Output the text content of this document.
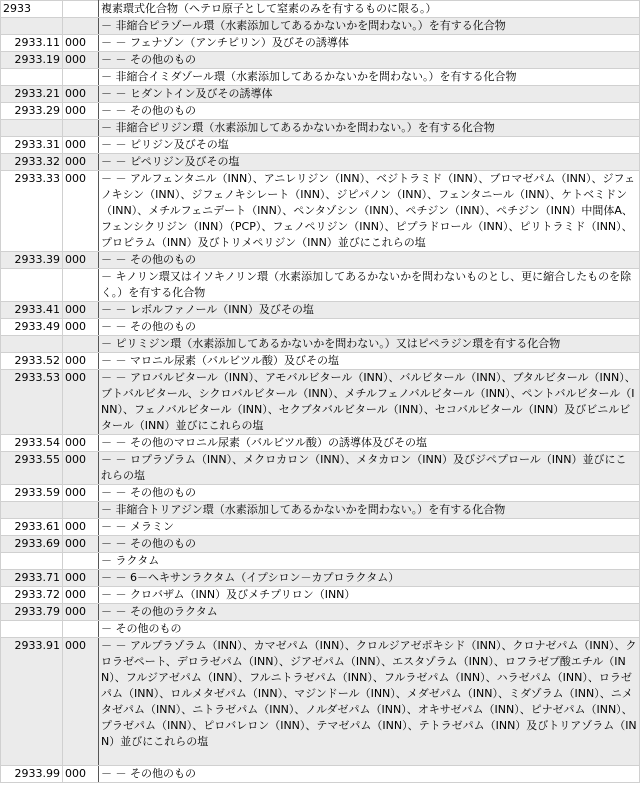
2933		複素環式化合物（ヘテロ原子として窒素のみを有するものに限る。）
		－ 非縮合ピラゾール環（水素添加してあるかないかを問わない。）を有する化合物
2933.11	000	－ － フェナゾン（アンチピリン）及びその誘導体
2933.19	000	－ － その他のもの
		－ 非縮合イミダゾール環（水素添加してあるかないかを問わない。）を有する化合物
2933.21	000	－ － ヒダントイン及びその誘導体
2933.29	000	－ － その他のもの
		－ 非縮合ピリジン環（水素添加してあるかないかを問わない。）を有する化合物
2933.31	000	－ － ピリジン及びその塩
2933.32	000	－ － ピペリジン及びその塩
2933.33	000	－ － アルフェンタニル（INN）、アニレリジン（INN）、ベジトラミド（INN）、ブロマゼパム（INN）、ジフェノキシン（INN）、ジフェノキシレート（INN）、ジピパノン（INN）、フェンタニール（INN）、ケトベミドン（INN）、メチルフェニデート（INN）、ペンタゾシン（INN）、ペチジン（INN）、ペチジン（INN）中間体A、フェンシクリジン（INN）（PCP）、フェノペリジン（INN）、ピプラドロール（INN）、ピリトラミド（INN）、プロピラム（INN）及びトリメペリジン（INN）並びにこれらの塩
2933.39	000	－ － その他のもの
		－ キノリン環又はイソキノリン環（水素添加してあるかないかを問わないものとし、更に縮合したものを除く。）を有する化合物
2933.41	000	－ － レボルファノール（INN）及びその塩
2933.49	000	－ － その他のもの
		－ ピリミジン環（水素添加してあるかないかを問わない。）又はピペラジン環を有する化合物
2933.52	000	－ － マロニル尿素（バルビツル酸）及びその塩
2933.53	000	－ － アロバルビタール（INN）、アモバルビタール（INN）、バルビタール（INN）、ブタルビタール（INN）、ブトバルビタール、シクロバルビタール（INN）、メチルフェノバルビタール（INN）、ペントバルビタール（INN）、フェノバルビタール（INN）、セクブタバルビタール（INN）、セコバルビタール（INN）及びビニルビタール（INN）並びにこれらの塩
2933.54	000	－ － その他のマロニル尿素（バルビツル酸）の誘導体及びその塩
2933.55	000	－ － ロプラゾラム（INN）、メクロカロン（INN）、メタカロン（INN）及びジペプロール（INN）並びにこれらの塩
2933.59	000	－ － その他のもの
		－ 非縮合トリアジン環（水素添加してあるかないかを問わない。）を有する化合物
2933.61	000	－ － メラミン
2933.69	000	－ － その他のもの
		－ ラクタム
2933.71	000	－ － 6－ヘキサンラクタム（イプシロン－カプロラクタム）
2933.72	000	－ － クロバザム（INN）及びメチプリロン（INN）
2933.79	000	－ － その他のラクタム
		－ その他のもの
2933.91	000	－ － アルプラゾラム（INN）、カマゼパム（INN）、クロルジアゼポキシド（INN）、クロナゼパム（INN）、クロラゼペート、デロラゼパム（INN）、ジアゼパム（INN）、エスタゾラム（INN）、ロフラゼプ酸エチル（INN）、フルジアゼパム（INN）、フルニトラゼパム（INN）、フルラゼパム（INN）、ハラゼパム（INN）、ロラゼパム（INN）、ロルメタゼパム（INN）、マジンドール（INN）、メダゼパム（INN）、ミダゾラム（INN）、ニメタゼパム（INN）、ニトラゼパム（INN）、ノルダゼパム（INN）、オキサゼパム（INN）、ピナゼパム（INN）、プラゼパム（INN）、ピロバレロン（INN）、テマゼパム（INN）、テトラゼパム（INN）及びトリアゾラム（INN）並びにこれらの塩
2933.99	000	－ － その他のもの
